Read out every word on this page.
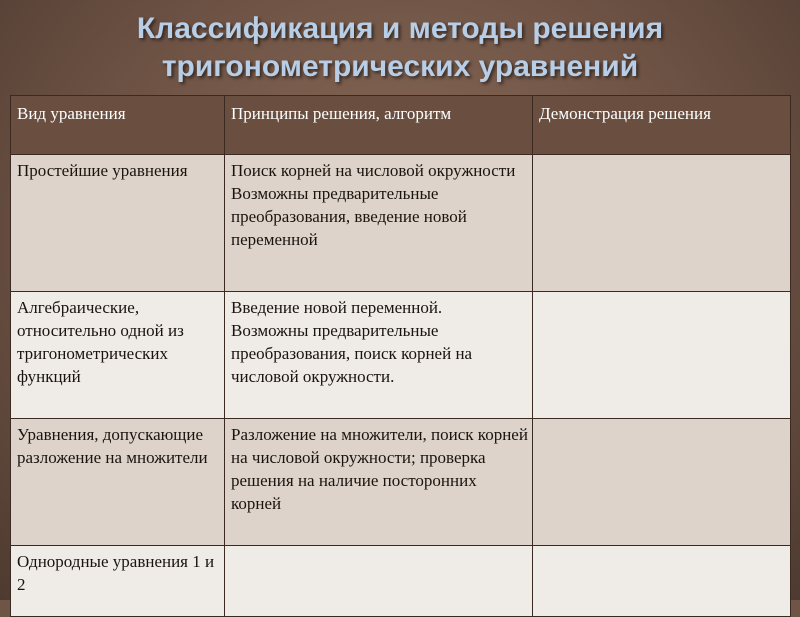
Классификация и методы решения
тригонометрических уравнений
Вид уравнения	Принципы решения, алгоритм	Демонстрация решения
Простейшие уравнения	Поиск корней на числовой окружности
Возможны предварительные преобразования, введение новой переменной	

Алгебраические, относительно одной из тригонометрических функций	Введение новой переменной.
Возможны предварительные преобразования, поиск корней на числовой окружности.	

Уравнения, допускающие разложение на множители	Разложение на множители, поиск корней на числовой окружности; проверка решения на наличие посторонних корней	

Однородные уравнения 1 и 2	
